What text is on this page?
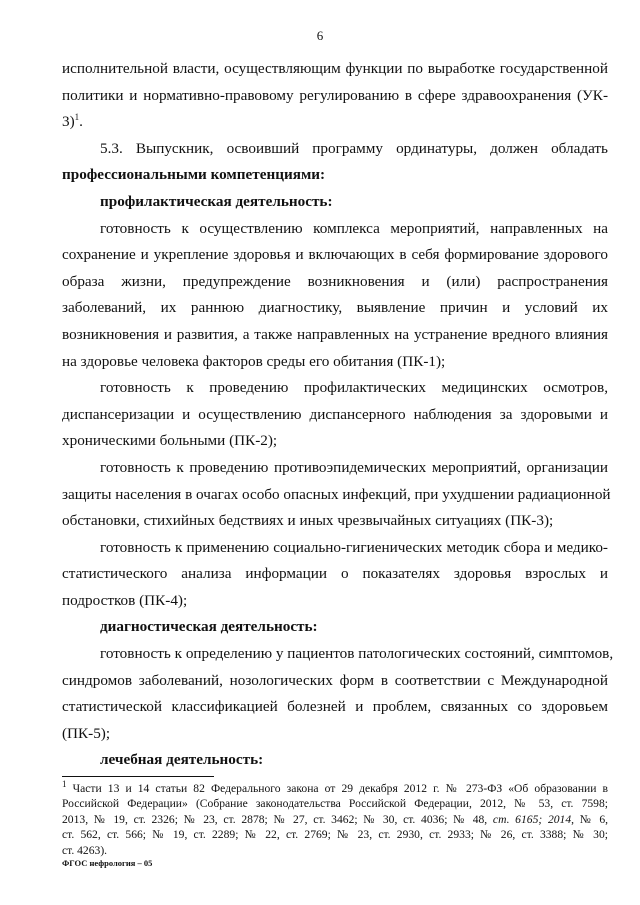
6
исполнительной власти, осуществляющим функции по выработке государственной
политики и нормативно-правовому регулированию в сфере здравоохранения (УК-
3)$^1$.
5.3. Выпускник, освоивший программу ординатуры, должен обладать
профессиональными компетенциями:
профилактическая деятельность:
готовность к осуществлению комплекса мероприятий, направленных на
сохранение и укрепление здоровья и включающих в себя формирование здорового
образа жизни, предупреждение возникновения и (или) распространения
заболеваний, их раннюю диагностику, выявление причин и условий их
возникновения и развития, а также направленных на устранение вредного влияния
на здоровье человека факторов среды его обитания (ПК-1);
готовность к проведению профилактических медицинских осмотров,
диспансеризации и осуществлению диспансерного наблюдения за здоровыми и
хроническими больными (ПК-2);
готовность к проведению противоэпидемических мероприятий, организации
защиты населения в очагах особо опасных инфекций, при ухудшении радиационной
обстановки, стихийных бедствиях и иных чрезвычайных ситуациях (ПК-3);
готовность к применению социально-гигиенических методик сбора и медико-
статистического анализа информации о показателях здоровья взрослых и
подростков (ПК-4);
диагностическая деятельность:
готовность к определению у пациентов патологических состояний, симптомов,
синдромов заболеваний, нозологических форм в соответствии с Международной
статистической классификацией болезней и проблем, связанных со здоровьем
(ПК-5);
лечебная деятельность:
$^1$ Части 13 и 14 статьи 82 Федерального закона от 29 декабря 2012 г. № 273-ФЗ «Об образовании в
Российской Федерации» (Собрание законодательства Российской Федерации, 2012, № 53, ст. 7598;
2013, № 19, ст. 2326; № 23, ст. 2878; № 27, ст. 3462; № 30, ст. 4036; № 48, ст. 6165; 2014, № 6,
ст. 562, ст. 566; № 19, ст. 2289; № 22, ст. 2769; № 23, ст. 2930, ст. 2933; № 26, ст. 3388; № 30;
ст. 4263).
ФГОС нефрология – 05
